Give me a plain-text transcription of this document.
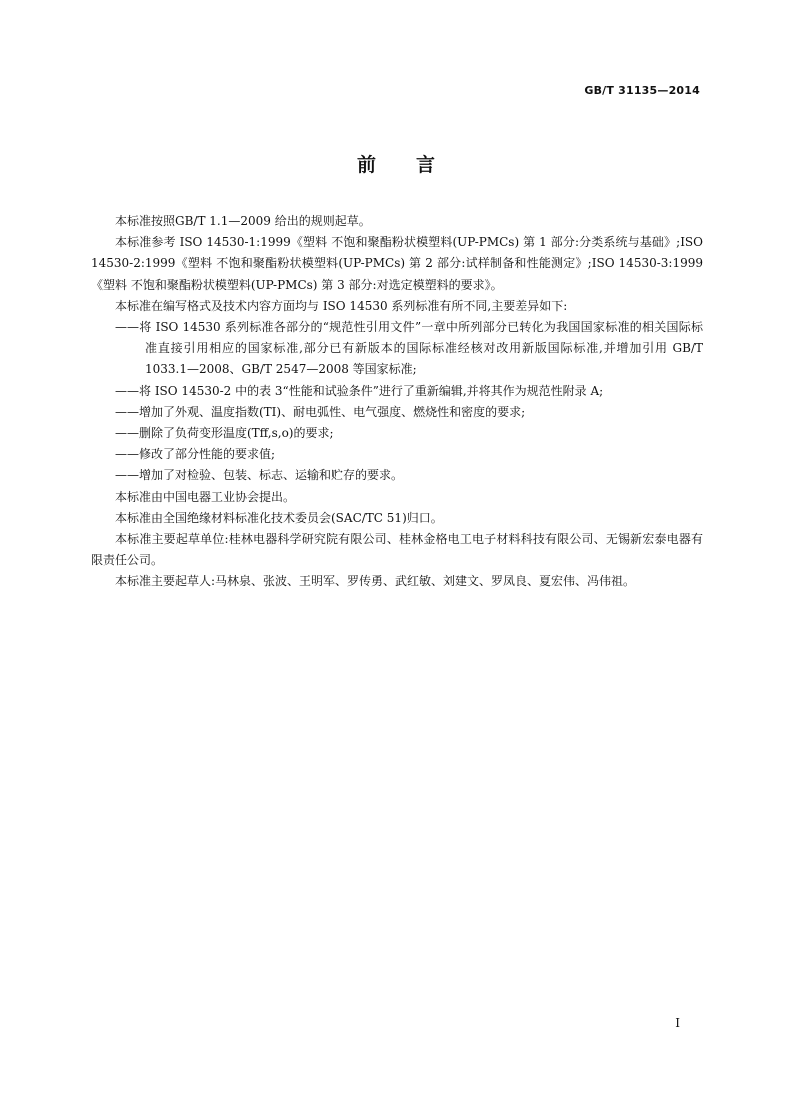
GB/T 31135—2014
前言

本标准按照GB/T 1.1—2009 给出的规则起草。

本标准参考 ISO 14530-1:1999《塑料 不饱和聚酯粉状模塑料(UP-PMCs) 第 1 部分:分类系统与基础》;ISO 14530-2:1999《塑料 不饱和聚酯粉状模塑料(UP-PMCs) 第 2 部分:试样制备和性能测定》;ISO 14530-3:1999《塑料 不饱和聚酯粉状模塑料(UP-PMCs) 第 3 部分:对选定模塑料的要求》。

本标准在编写格式及技术内容方面均与 ISO 14530 系列标准有所不同,主要差异如下:

——将 ISO 14530 系列标准各部分的“规范性引用文件”一章中所列部分已转化为我国国家标准的相关国际标准直接引用相应的国家标准,部分已有新版本的国际标准经核对改用新版国际标准,并增加引用 GB/T 1033.1—2008、GB/T 2547—2008 等国家标准;

——将 ISO 14530-2 中的表 3“性能和试验条件”进行了重新编辑,并将其作为规范性附录 A;

——增加了外观、温度指数(TI)、耐电弧性、电气强度、燃烧性和密度的要求;

——删除了负荷变形温度(Tff,s,o)的要求;

——修改了部分性能的要求值;

——增加了对检验、包装、标志、运输和贮存的要求。

本标准由中国电器工业协会提出。

本标准由全国绝缘材料标准化技术委员会(SAC/TC 51)归口。

本标准主要起草单位:桂林电器科学研究院有限公司、桂林金格电工电子材料科技有限公司、无锡新宏泰电器有限责任公司。

本标准主要起草人:马林泉、张波、王明军、罗传勇、武红敏、刘建文、罗凤良、夏宏伟、冯伟祖。

I
